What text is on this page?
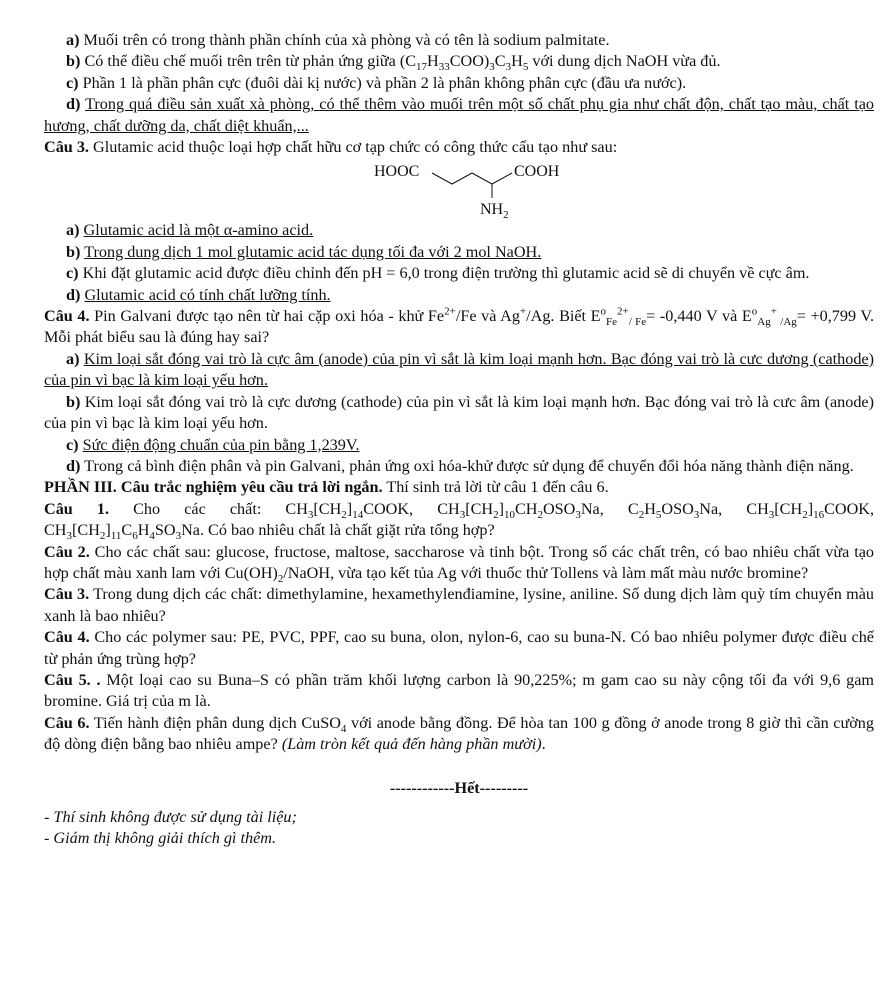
a) Muối trên có trong thành phần chính của xà phòng và có tên là sodium palmitate.

b) Có thể điều chế muối trên trên từ phản ứng giữa $(C_{17}H_{33}COO)_3C_3H_5$ với dung dịch NaOH vừa đủ.

c) Phần 1 là phần phân cực (đuôi dài kị nước) và phần 2 là phân không phân cực (đầu ưa nước).

d) Trong quá điều sản xuất xà phòng, có thể thêm vào muối trên một số chất phụ gia như chất độn, chất tạo màu, chất tạo hương, chất dưỡng da, chất diệt khuẩn,...

Câu 3. Glutamic acid thuộc loại hợp chất hữu cơ tạp chức có công thức cấu tạo như sau:

HOOC	COOH
$NH_2$

a) Glutamic acid là một α-amino acid.

b) Trong dung dịch 1 mol glutamic acid tác dụng tối đa với 2 mol NaOH.

c) Khi đặt glutamic acid được điều chỉnh đến pH = 6,0 trong điện trường thì glutamic acid sẽ di chuyển về cực âm.

d) Glutamic acid có tính chất lưỡng tính.

Câu 4. Pin Galvani được tạo nên từ hai cặp oxi hóa - khử $Fe^{2+}/Fe$ và Ag+/Ag. Biết $E^o_{Fe}^{2+}_{/ Fe}= -0,440$ V và $E^o_{Ag}^+$ $_{/Ag}$= +0,799 V. Mỗi phát biểu sau là đúng hay sai?

a) Kim loại sắt đóng vai trò là cực âm (anode) của pin vì sắt là kim loại mạnh hơn. Bạc đóng vai trò là cưc dương (cathode) của pin vì bạc là kim loại yếu hơn.

b) Kim loại sắt đóng vai trò là cực dương (cathode) của pin vì sắt là kim loại mạnh hơn. Bạc đóng vai trò là cưc âm (anode) của pin vì bạc là kim loại yếu hơn.

c) Sức điện động chuẩn của pin bằng 1,239V.

d) Trong cả bình điện phân và pin Galvani, phản ứng oxi hóa-khử được sử dụng để chuyển đổi hóa năng thành điện năng.

PHẦN III. Câu trắc nghiệm yêu cầu trả lời ngắn. Thí sinh trả lời từ câu 1 đến câu 6.

Câu 1. Cho các chất: $CH_3[CH_2]_{14}COOK$, $CH_3[CH_2]_{10}CH_2OSO_3Na$, $C_2H_5OSO_3Na$, $CH_3[CH_2]_{16}COOK$, $CH_3[CH_2]_{11}C_6H_4SO_3Na$. Có bao nhiêu chất là chất giặt rửa tổng hợp?

Câu 2. Cho các chất sau: glucose, fructose, maltose, saccharose và tinh bột. Trong số các chất trên, có bao nhiêu chất vừa tạo hợp chất màu xanh lam với $Cu(OH)_2$/NaOH, vừa tạo kết tủa Ag với thuốc thử Tollens và làm mất màu nước bromine?

Câu 3. Trong dung dịch các chất: dimethylamine, hexamethylenđiamine, lysine, aniline. Số dung dịch làm quỳ tím chuyển màu xanh là bao nhiêu?

Câu 4. Cho các polymer sau: PE, PVC, PPF, cao su buna, olon, nylon-6, cao su buna-N. Có bao nhiêu polymer được điều chế từ phản ứng trùng hợp?

Câu 5. . Một loại cao su Buna–S có phần trăm khối lượng carbon là 90,225%; m gam cao su này cộng tối đa với 9,6 gam bromine. Giá trị của m là.

Câu 6. Tiến hành điện phân dung dịch CuSO$_4$ với anode bằng đồng. Để hòa tan 100 g đồng ở anode trong 8 giờ thì cần cường độ dòng điện bằng bao nhiêu ampe? (Làm tròn kết quả đến hàng phần mười).

------------Hết---------

- Thí sinh không được sử dụng tài liệu;

- Giám thị không giải thích gì thêm.
